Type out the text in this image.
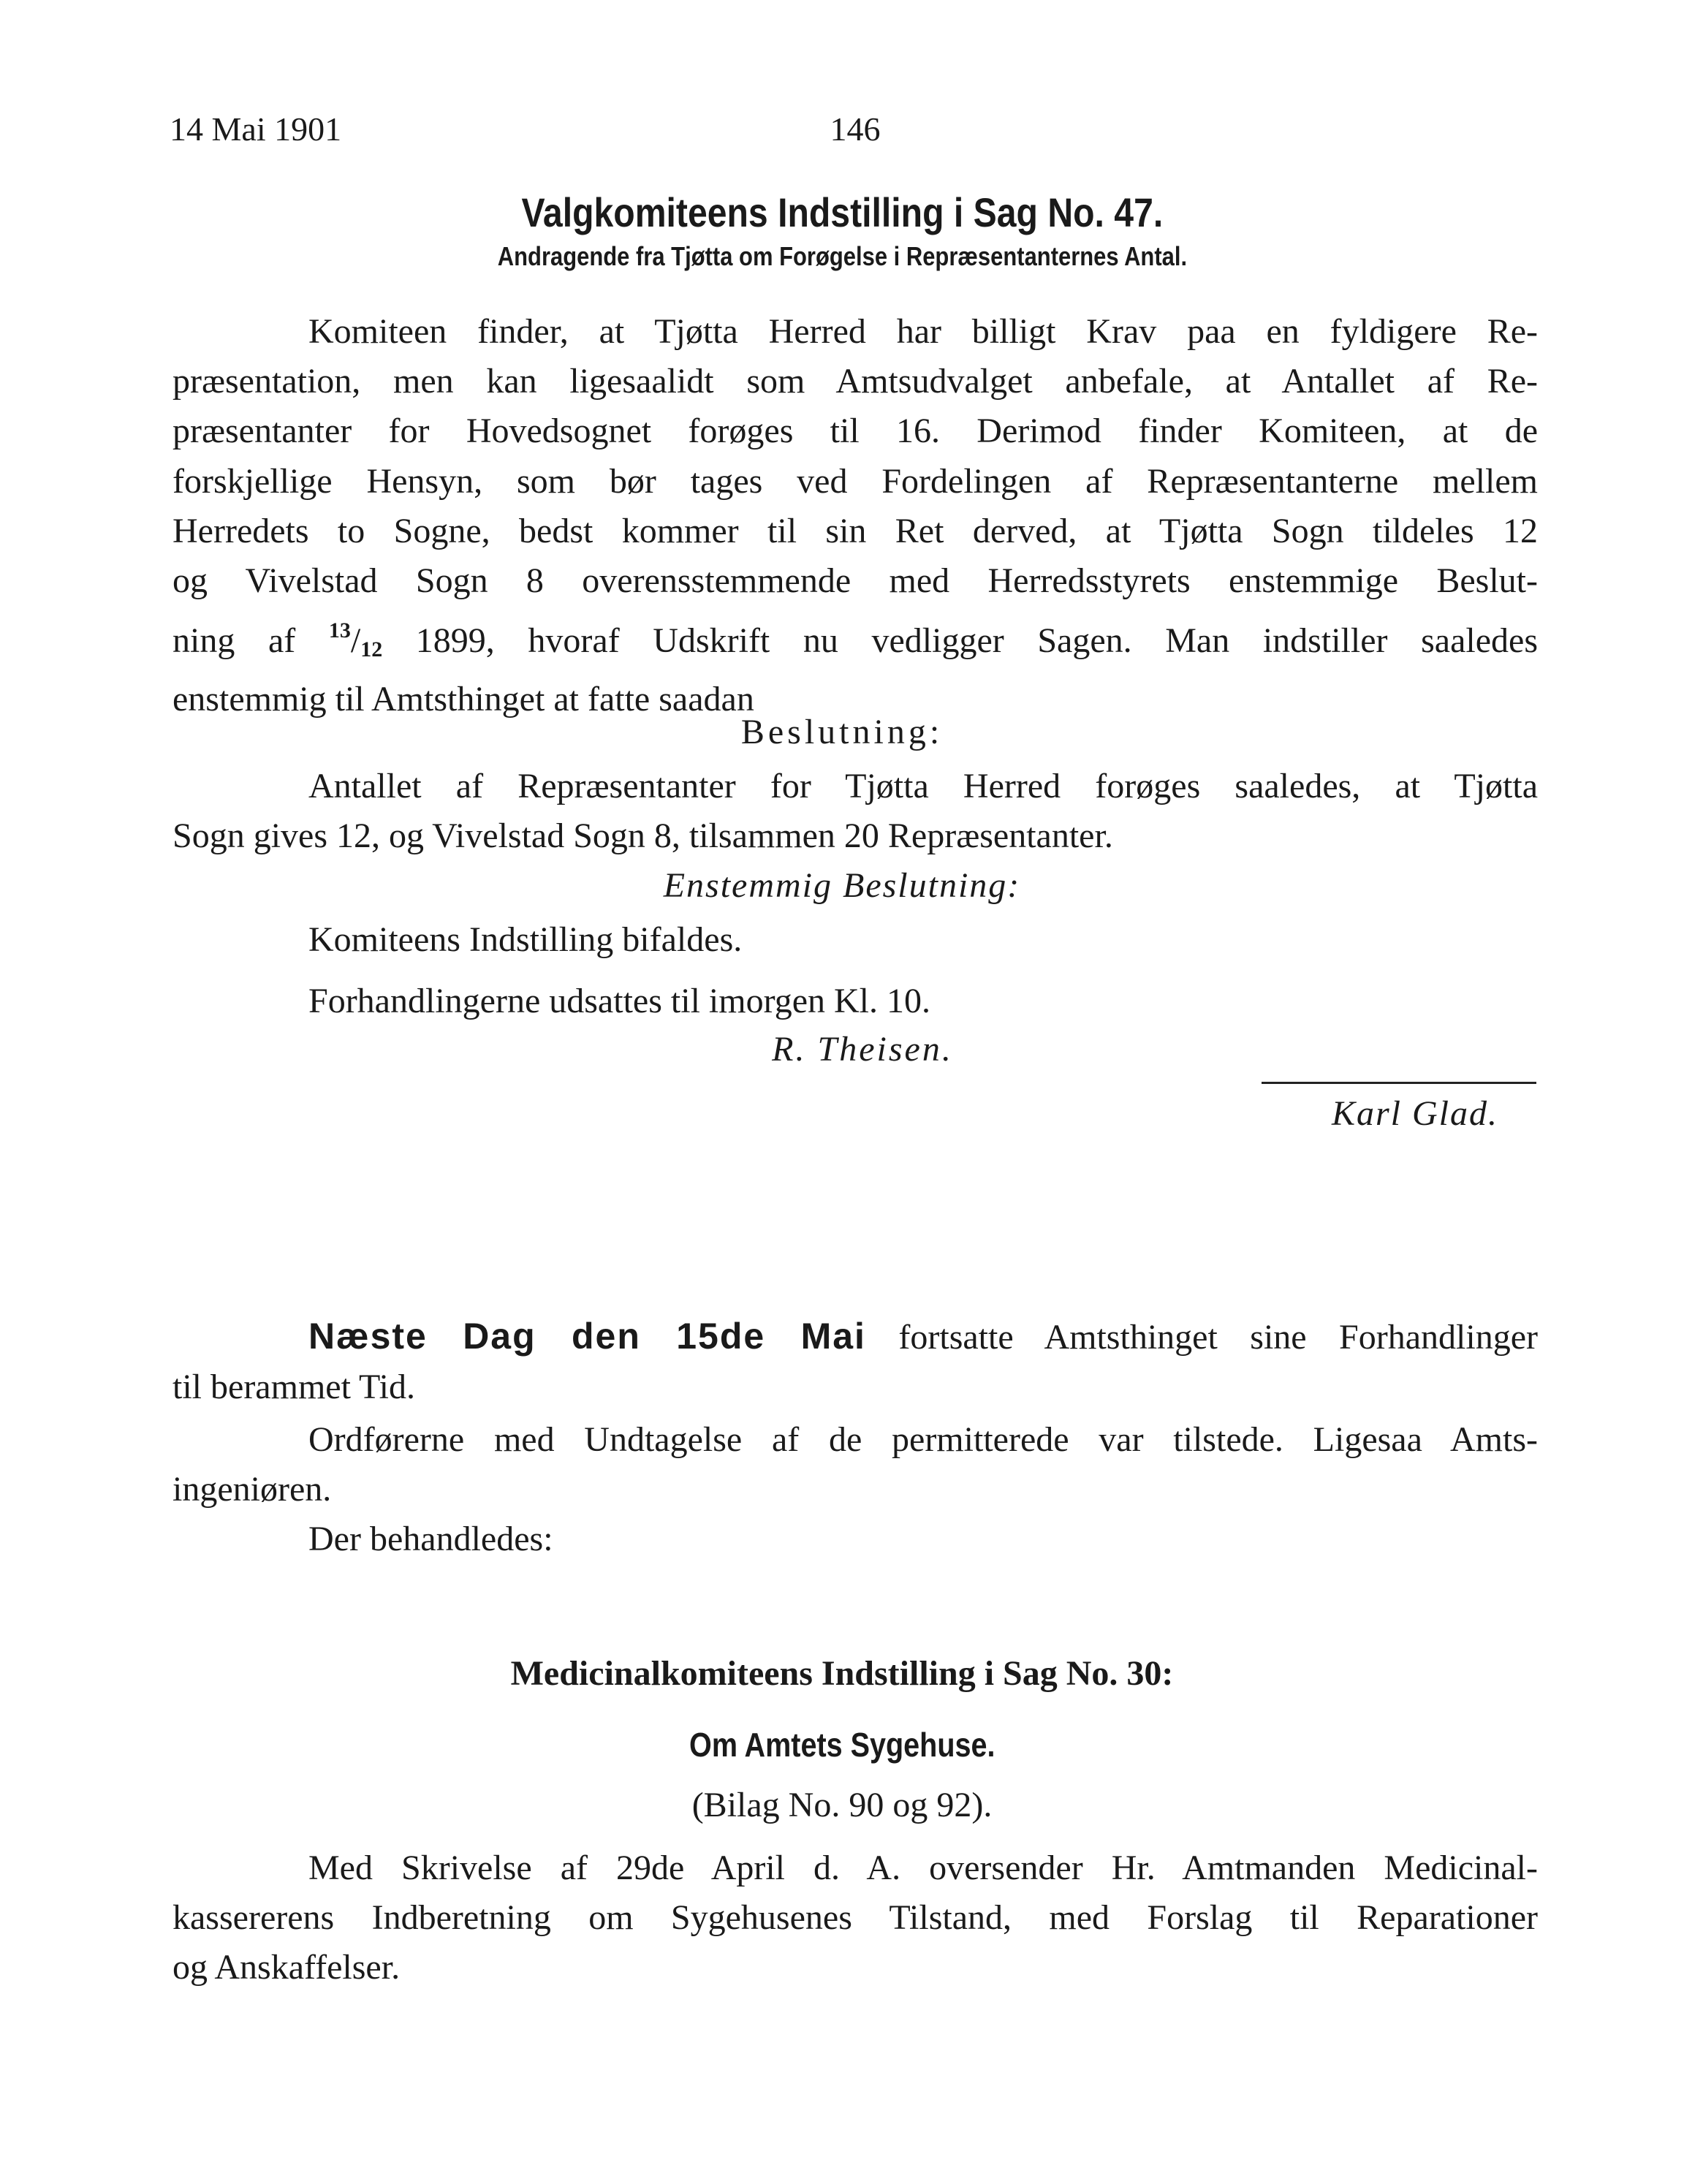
14 Mai 1901	146
Valgkomiteens Indstilling i Sag No. 47.
Andragende fra Tjøtta om Forøgelse i Repræsentanternes Antal.
Komiteen finder, at Tjøtta Herred har billigt Krav paa en fyldigere Re-
præsentation, men kan ligesaalidt som Amtsudvalget anbefale, at Antallet af Re-
præsentanter for Hovedsognet forøges til 16. Derimod finder Komiteen, at de
forskjellige Hensyn, som bør tages ved Fordelingen af Repræsentanterne mellem
Herredets to Sogne, bedst kommer til sin Ret derved, at Tjøtta Sogn tildeles 12
og Vivelstad Sogn 8 overensstemmende med Herredsstyrets enstemmige Beslut-
ning af $^{13}/_{12}$ 1899, hvoraf Udskrift nu vedligger Sagen. Man indstiller saaledes
enstemmig til Amtsthinget at fatte saadan
Beslutning:
Antallet af Repræsentanter for Tjøtta Herred forøges saaledes, at Tjøtta
Sogn gives 12, og Vivelstad Sogn 8, tilsammen 20 Repræsentanter.
Enstemmig Beslutning:
Komiteens Indstilling bifaldes.
Forhandlingerne udsattes til imorgen Kl. 10.
R. Theisen.
Karl Glad.
Næste Dag den 15de Mai fortsatte Amtsthinget sine Forhandlinger
til berammet Tid.
Ordførerne med Undtagelse af de permitterede var tilstede. Ligesaa Amts-
ingeniøren.
Der behandledes:
Medicinalkomiteens Indstilling i Sag No. 30:
Om Amtets Sygehuse.
(Bilag No. 90 og 92).
Med Skrivelse af 29de April d. A. oversender Hr. Amtmanden Medicinal-
kassererens Indberetning om Sygehusenes Tilstand, med Forslag til Reparationer
og Anskaffelser.
